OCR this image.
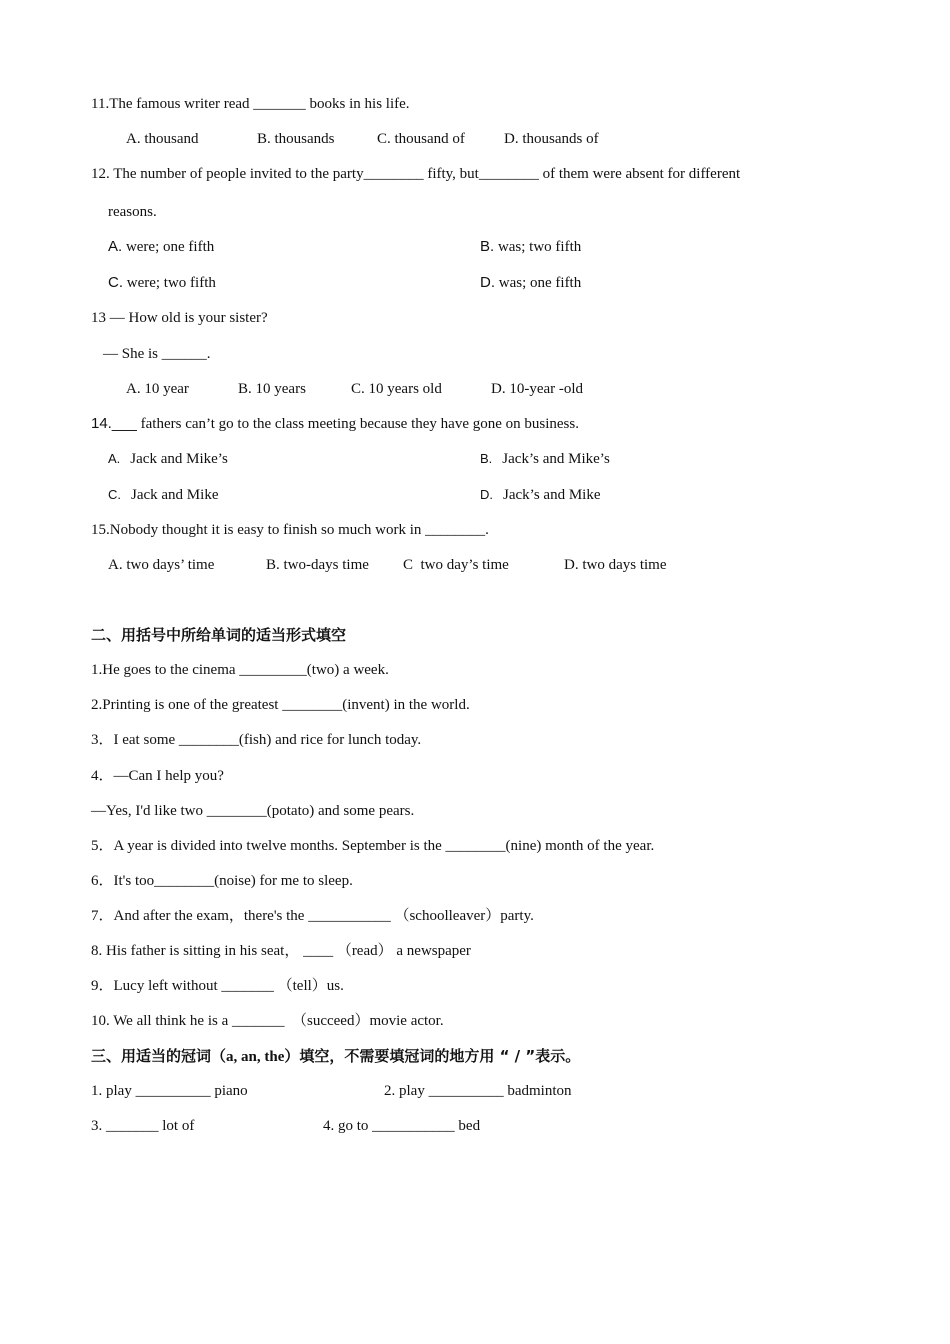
11.The famous writer read _______ books in his life.
A. thousand	B. thousands	C. thousand of	D. thousands of
12. The number of people invited to the party________ fifty, but________ of them were absent for different
reasons.
A. were; one fifth	B. was; two fifth
C. were; two fifth	D. was; one fifth
13 — How old is your sister?
— She is ______.
A. 10 year	B. 10 years	C. 10 years old	D. 10-year -old
14.___ fathers can’t go to the class meeting because they have gone on business.
A. Jack and Mike’s	B. Jack’s and Mike’s
C. Jack and Mike	D. Jack’s and Mike
15.Nobody thought it is easy to finish so much work in ________.
A. two days’ time	B. two-days time C  two day’s time	D. two days time
二、用括号中所给单词的适当形式填空
1.He goes to the cinema _________(two) a week.
2.Printing is one of the greatest ________(invent) in the world.
3．I eat some ________(fish) and rice for lunch today.
4．—Can I help you?
—Yes, I'd like two ________(potato) and some pears.
5．A year is divided into twelve months. September is the ________(nine) month of the year.
6．It's too________(noise) for me to sleep.
7．And after the exam，there's the ___________ （schoolleaver）party.
8. His father is sitting in his seat， ____ （read） a newspaper
9．Lucy left without _______ （tell）us.
10. We all think he is a _______  （succeed）movie actor.
三、用适当的冠词（a, an, the）填空，不需要填冠词的地方用 “ / ”表示。
1. play __________ piano	2. play __________ badminton
3. _______ lot of	4. go to ___________ bed
